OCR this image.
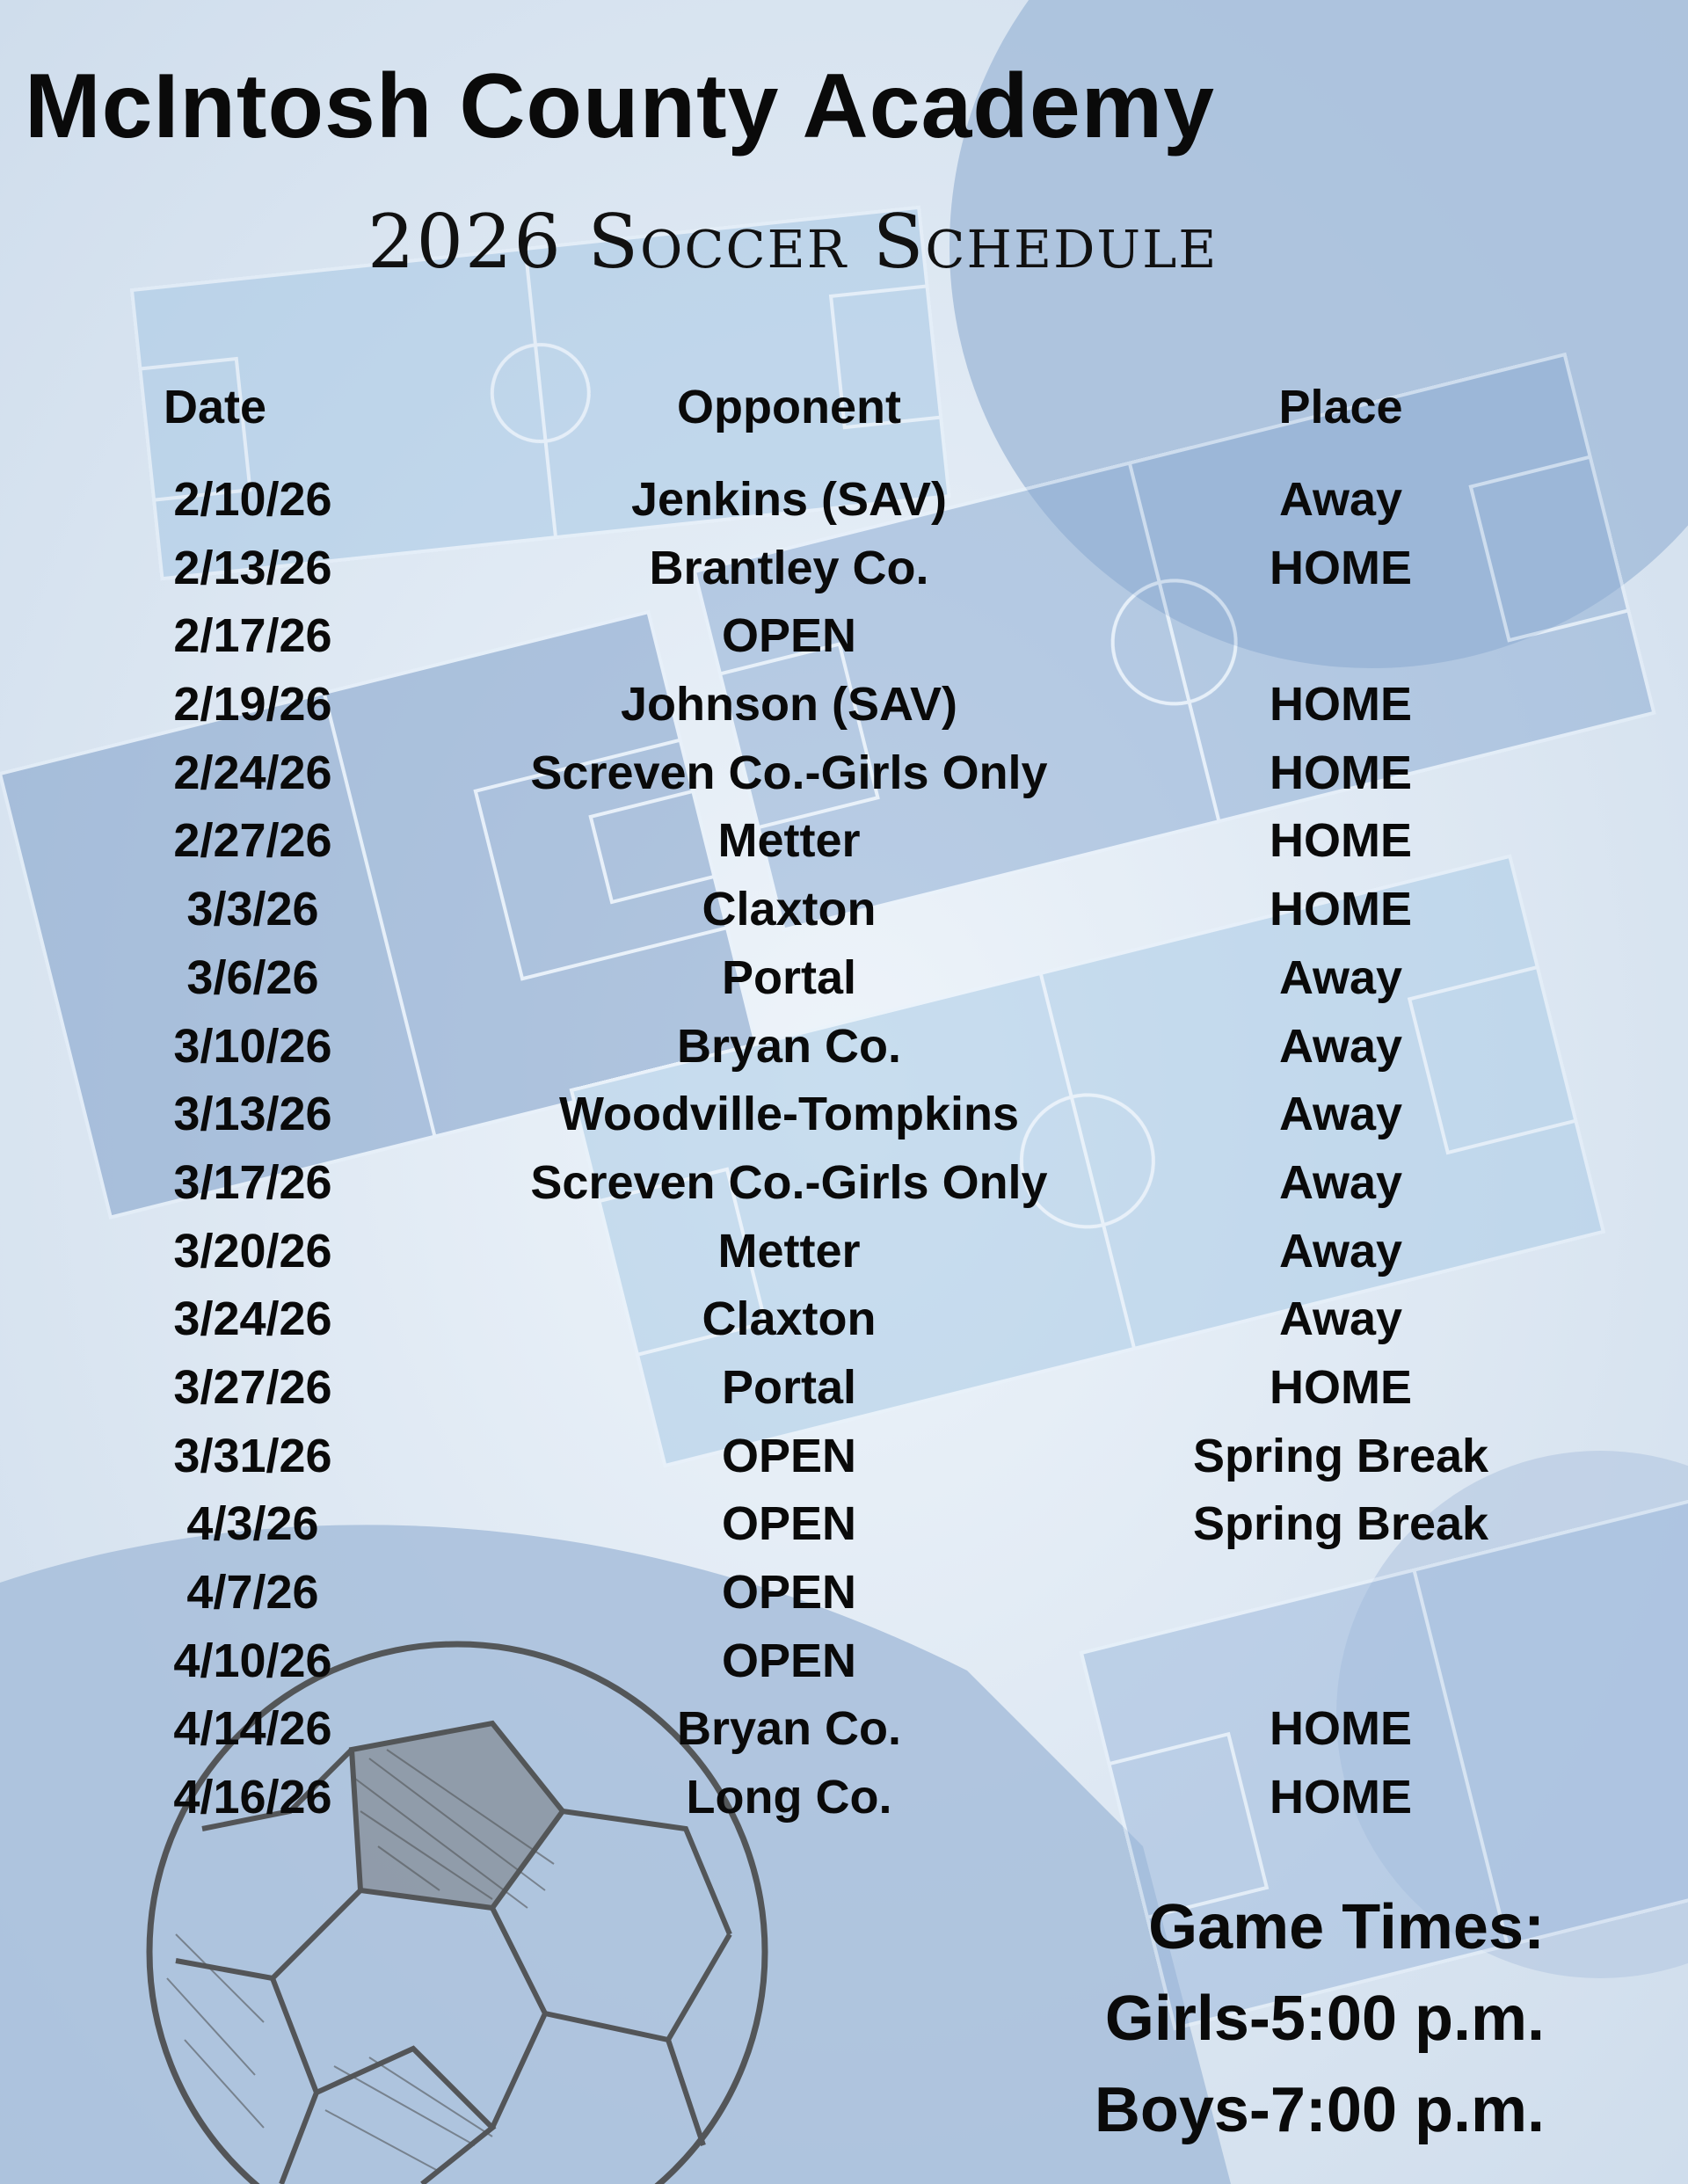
McIntosh County Academy
2026 Soccer Schedule
Date	Opponent	Place
2/10/26	Jenkins (SAV)	Away
2/13/26	Brantley Co.	HOME
2/17/26	OPEN
2/19/26	Johnson (SAV)	HOME
2/24/26	Screven Co.-Girls Only	HOME
2/27/26	Metter	HOME
3/3/26	Claxton	HOME
3/6/26	Portal	Away
3/10/26	Bryan Co.	Away
3/13/26	Woodville-Tompkins	Away
3/17/26	Screven Co.-Girls Only	Away
3/20/26	Metter	Away
3/24/26	Claxton	Away
3/27/26	Portal	HOME
3/31/26	OPEN	Spring Break
4/3/26	OPEN	Spring Break
4/7/26	OPEN
4/10/26	OPEN
4/14/26	Bryan Co.	HOME
4/16/26	Long Co.	HOME
Game Times:
Girls-5:00 p.m.
Boys-7:00 p.m.
